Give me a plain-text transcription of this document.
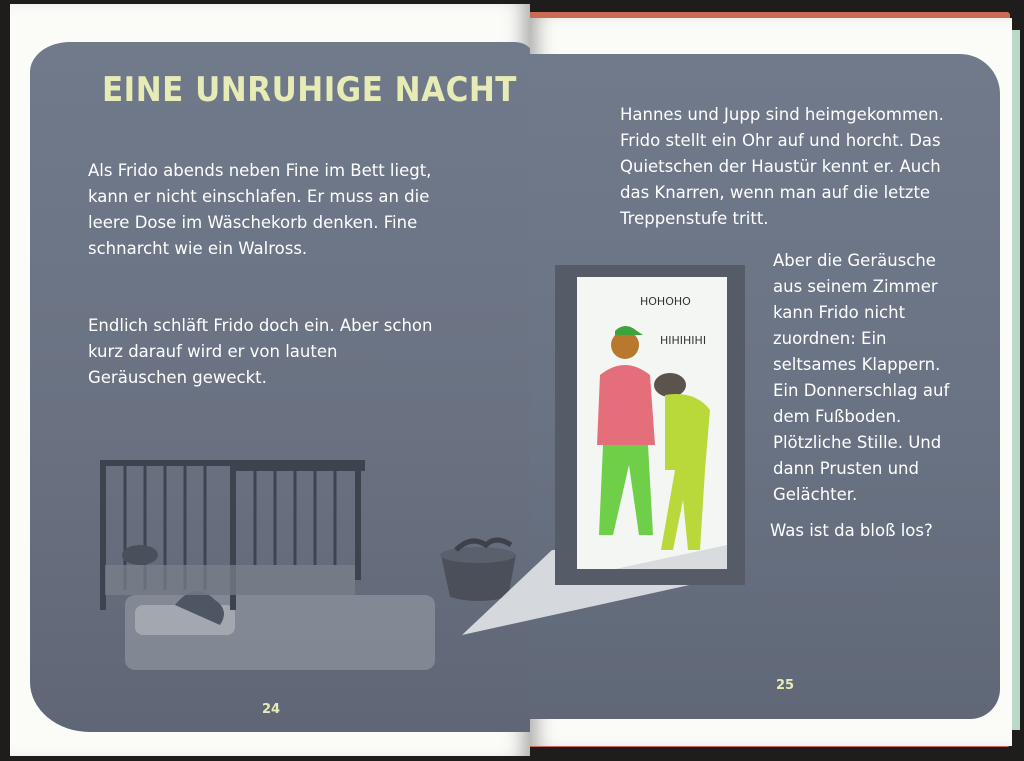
EINE UNRUHIGE NACHT

Als Frido abends neben Fine im Bett liegt, kann er nicht einschlafen. Er muss an die leere Dose im Wäschekorb denken. Fine schnarcht wie ein Walross.

Endlich schläft Frido doch ein. Aber schon kurz darauf wird er von lauten Geräuschen geweckt.

24
HOHOHO
HIHIHIHI

Hannes und Jupp sind heimgekommen. Frido stellt ein Ohr auf und horcht. Das Quietschen der Haustür kennt er. Auch das Knarren, wenn man auf die letzte Treppenstufe tritt.

Aber die Geräusche aus seinem Zimmer kann Frido nicht zuordnen: Ein seltsames Klappern. Ein Donnerschlag auf dem Fußboden. Plötzliche Stille. Und dann Prusten und Gelächter.

Was ist da bloß los?

25
